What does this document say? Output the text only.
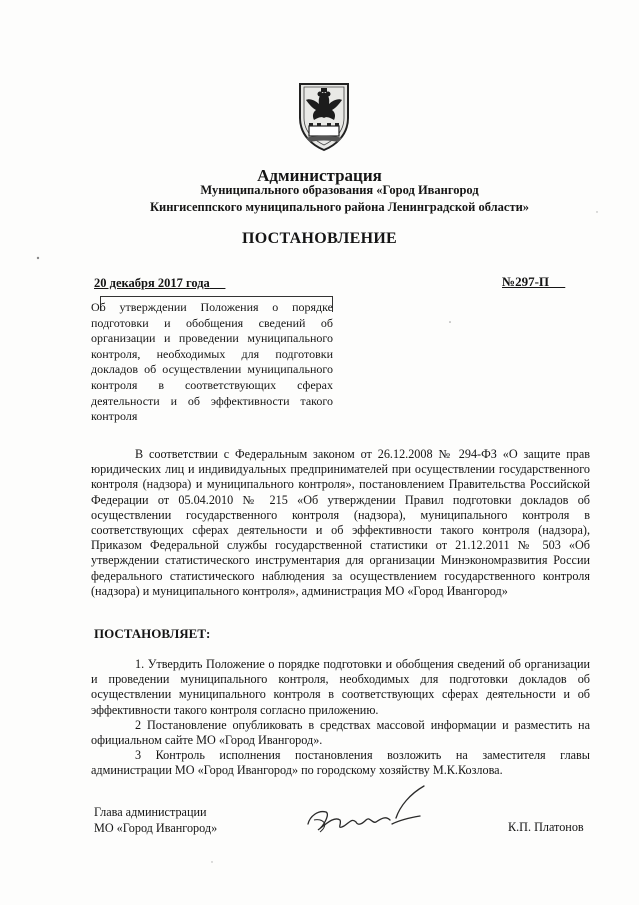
Администрация
Муниципального образования «Город Ивангород
Кингисеппского муниципального района Ленинградской области»
ПОСТАНОВЛЕНИЕ
20 декабря 2017 года	№297-П
Об утверждении Положения о порядке подготовки и обобщения сведений об организации и проведении муниципального контроля, необходимых для подготовки докладов об осуществлении муниципального контроля в соответствующих сферах деятельности и об эффективности такого контроля
В соответствии с Федеральным законом от 26.12.2008 № 294-ФЗ «О защите прав юридических лиц и индивидуальных предпринимателей при осуществлении государственного контроля (надзора) и муниципального контроля», постановлением Правительства Российской Федерации от 05.04.2010 № 215 «Об утверждении Правил подготовки докладов об осуществлении государственного контроля (надзора), муниципального контроля в соответствующих сферах деятельности и об эффективности такого контроля (надзора), Приказом Федеральной службы государственной статистики от 21.12.2011 № 503 «Об утверждении статистического инструментария для организации Минэкономразвития России федерального статистического наблюдения за осуществлением государственного контроля (надзора) и муниципального контроля», администрация МО «Город Ивангород»
ПОСТАНОВЛЯЕТ:

1. Утвердить Положение о порядке подготовки и обобщения сведений об организации и проведении муниципального контроля, необходимых для подготовки докладов об осуществлении муниципального контроля в соответствующих сферах деятельности и об эффективности такого контроля согласно приложению.

2 Постановление опубликовать в средствах массовой информации и разместить на официальном сайте МО «Город Ивангород».

3 Контроль исполнения постановления возложить на заместителя главы администрации МО «Город Ивангород» по городскому хозяйству М.К.Козлова.

Глава администрации
МО «Город Ивангород»	К.П. Платонов
